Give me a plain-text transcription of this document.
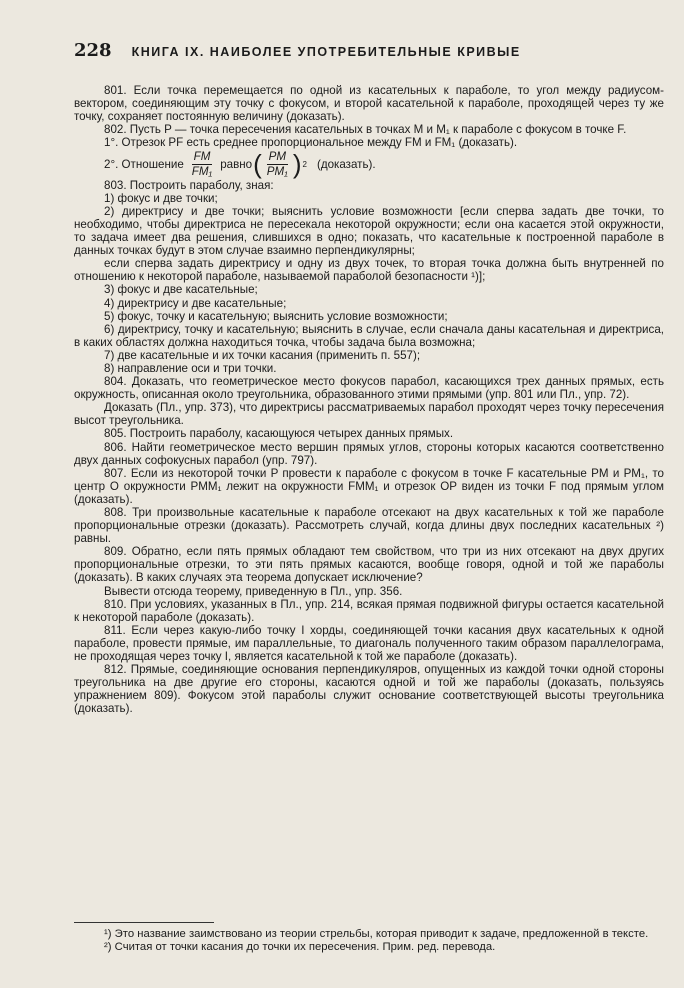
228 КНИГА IX. НАИБОЛЕЕ УПОТРЕБИТЕЛЬНЫЕ КРИВЫЕ

801. Если точка перемещается по одной из касательных к параболе, то угол между радиусом-вектором, соединяющим эту точку с фокусом, и второй касательной к параболе, проходящей через ту же точку, сохраняет постоянную величину (доказать).

802. Пусть P — точка пересечения касательных в точках M и M₁ к параболе с фокусом в точке F.

1°. Отрезок PF есть среднее пропорциональное между FM и FM₁ (доказать).

2°. Отношение $\frac{FM}{\text{FM₁}}$ равно ( $\frac{PM}{\text{PM₁}}$ ) 2 (доказать).

803. Построить параболу, зная:

1) фокус и две точки;

2) директрису и две точки; выяснить условие возможности [если сперва задать две точки, то необходимо, чтобы директриса не пересекала некоторой окружности; если она касается этой окружности, то задача имеет два решения, слившихся в одно; показать, что касательные к построенной параболе в данных точках будут в этом случае взаимно перпендикулярны;

если сперва задать директрису и одну из двух точек, то вторая точка должна быть внутренней по отношению к некоторой параболе, называемой параболой безопасности ¹)];

3) фокус и две касательные;

4) директрису и две касательные;

5) фокус, точку и касательную; выяснить условие возможности;

6) директрису, точку и касательную; выяснить в случае, если сначала даны касательная и директриса, в каких областях должна находиться точка, чтобы задача была возможна;

7) две касательные и их точки касания (применить п. 557);

8) направление оси и три точки.

804. Доказать, что геометрическое место фокусов парабол, касающихся трех данных прямых, есть окружность, описанная около треугольника, образованного этими прямыми (упр. 801 или Пл., упр. 72).

Доказать (Пл., упр. 373), что директрисы рассматриваемых парабол проходят через точку пересечения высот треугольника.

805. Построить параболу, касающуюся четырех данных прямых.

806. Найти геометрическое место вершин прямых углов, стороны которых касаются соответственно двух данных софокусных парабол (упр. 797).

807. Если из некоторой точки P провести к параболе с фокусом в точке F касательные PM и PM₁, то центр O окружности PMM₁ лежит на окружности FMM₁ и отрезок OP виден из точки F под прямым углом (доказать).

808. Три произвольные касательные к параболе отсекают на двух касательных к той же параболе пропорциональные отрезки (доказать). Рассмотреть случай, когда длины двух последних касательных ²) равны.

809. Обратно, если пять прямых обладают тем свойством, что три из них отсекают на двух других пропорциональные отрезки, то эти пять прямых касаются, вообще говоря, одной и той же параболы (доказать). В каких случаях эта теорема допускает исключение?

Вывести отсюда теорему, приведенную в Пл., упр. 356.

810. При условиях, указанных в Пл., упр. 214, всякая прямая подвижной фигуры остается касательной к некоторой параболе (доказать).

811. Если через какую-либо точку I хорды, соединяющей точки касания двух касательных к одной параболе, провести прямые, им параллельные, то диагональ полученного таким образом параллелограма, не проходящая через точку I, является касательной к той же параболе (доказать).

812. Прямые, соединяющие основания перпендикуляров, опущенных из каждой точки одной стороны треугольника на две другие его стороны, касаются одной и той же параболы (доказать, пользуясь упражнением 809). Фокусом этой параболы служит основание соответствующей высоты треугольника (доказать).

¹) Это название заимствовано из теории стрельбы, которая приводит к задаче, предложенной в тексте.

²) Считая от точки касания до точки их пересечения. Прим. ред. перевода.
